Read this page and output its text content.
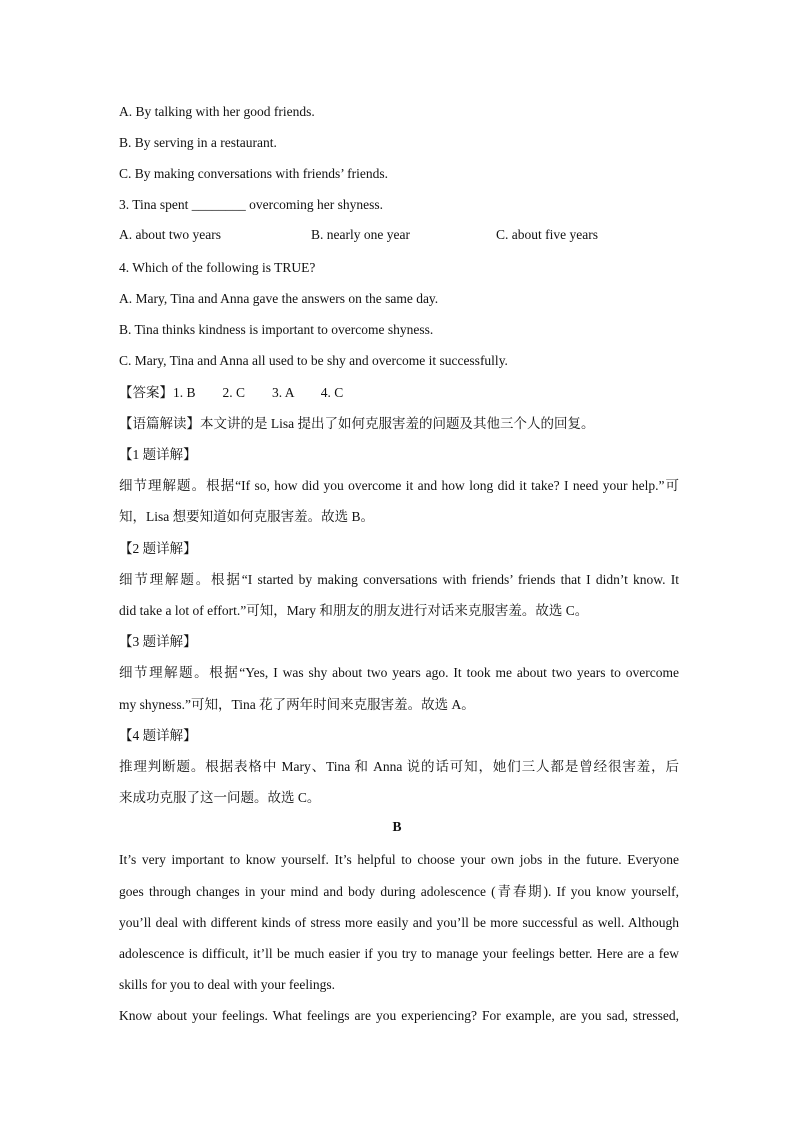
A. By talking with her good friends.
B. By serving in a restaurant.
C. By making conversations with friends’ friends.
3. Tina spent ________ overcoming her shyness.
A. about two years	B. nearly one year	C. about five years
4. Which of the following is TRUE?
A. Mary, Tina and Anna gave the answers on the same day.
B. Tina thinks kindness is important to overcome shyness.
C. Mary, Tina and Anna all used to be shy and overcome it successfully.
【答案】1. B        2. C        3. A        4. C
【语篇解读】本文讲的是 Lisa 提出了如何克服害羞的问题及其他三个人的回复。
【1 题详解】
细节理解题。根据“If so, how did you overcome it and how long did it take? I need your help.”可
知，Lisa 想要知道如何克服害羞。故选 B。
【2 题详解】
细节理解题。根据“I started by making conversations with friends’ friends that I didn’t know. It
did take a lot of effort.”可知，Mary 和朋友的朋友进行对话来克服害羞。故选 C。
【3 题详解】
细节理解题。根据“Yes, I was shy about two years ago. It took me about two years to overcome
my shyness.”可知，Tina 花了两年时间来克服害羞。故选 A。
【4 题详解】
推理判断题。根据表格中 Mary、Tina 和 Anna 说的话可知，她们三人都是曾经很害羞，后
来成功克服了这一问题。故选 C。
B
It’s very important to know yourself. It’s helpful to choose your own jobs in the future. Everyone
goes through changes in your mind and body during adolescence (青春期). If you know yourself,
you’ll deal with different kinds of stress more easily and you’ll be more successful as well. Although
adolescence is difficult, it’ll be much easier if you try to manage your feelings better. Here are a few
skills for you to deal with your feelings.
Know about your feelings. What feelings are you experiencing? For example, are you sad, stressed,
